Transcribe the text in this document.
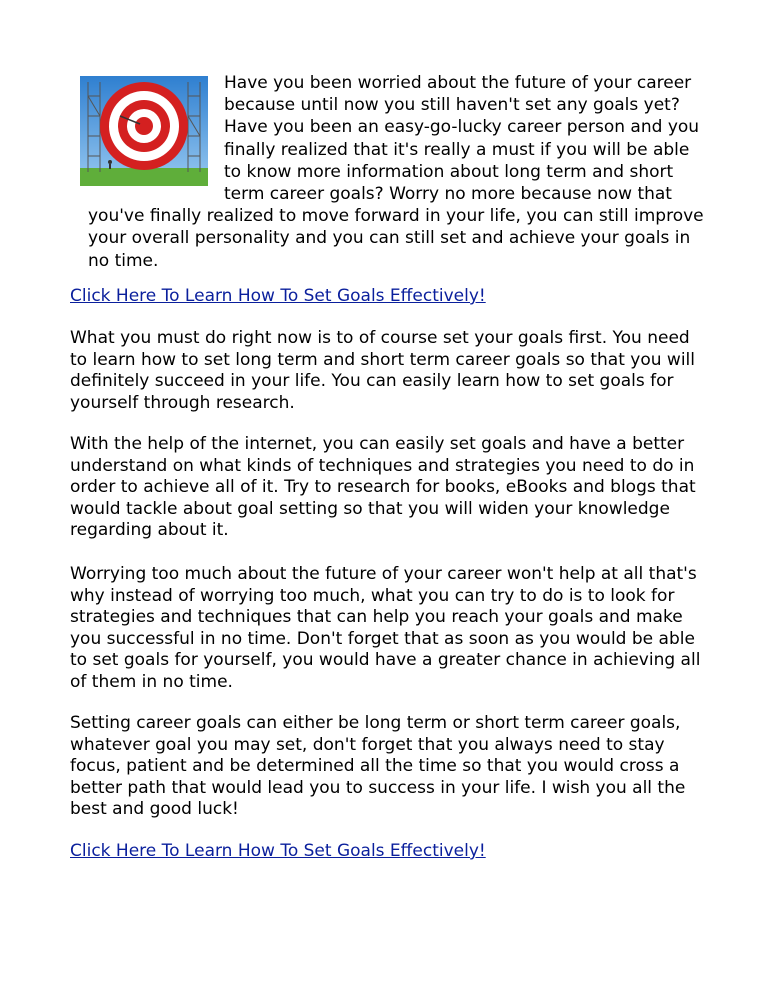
Have you been worried about the future of your career because until now you still haven't set any goals yet? Have you been an easy-go-lucky career person and you finally realized that it's really a must if you will be able to know more information about long term and short term career goals? Worry no more because now that you've finally realized to move forward in your life, you can still improve your overall personality and you can still set and achieve your goals in no time.

Click Here To Learn How To Set Goals Effectively!

What you must do right now is to of course set your goals first. You need to learn how to set long term and short term career goals so that you will definitely succeed in your life. You can easily learn how to set goals for yourself through research.

With the help of the internet, you can easily set goals and have a better understand on what kinds of techniques and strategies you need to do in order to achieve all of it. Try to research for books, eBooks and blogs that would tackle about goal setting so that you will widen your knowledge regarding about it.

Worrying too much about the future of your career won't help at all that's why instead of worrying too much, what you can try to do is to look for strategies and techniques that can help you reach your goals and make you successful in no time. Don't forget that as soon as you would be able to set goals for yourself, you would have a greater chance in achieving all of them in no time.

Setting career goals can either be long term or short term career goals, whatever goal you may set, don't forget that you always need to stay focus, patient and be determined all the time so that you would cross a better path that would lead you to success in your life. I wish you all the best and good luck!

Click Here To Learn How To Set Goals Effectively!
